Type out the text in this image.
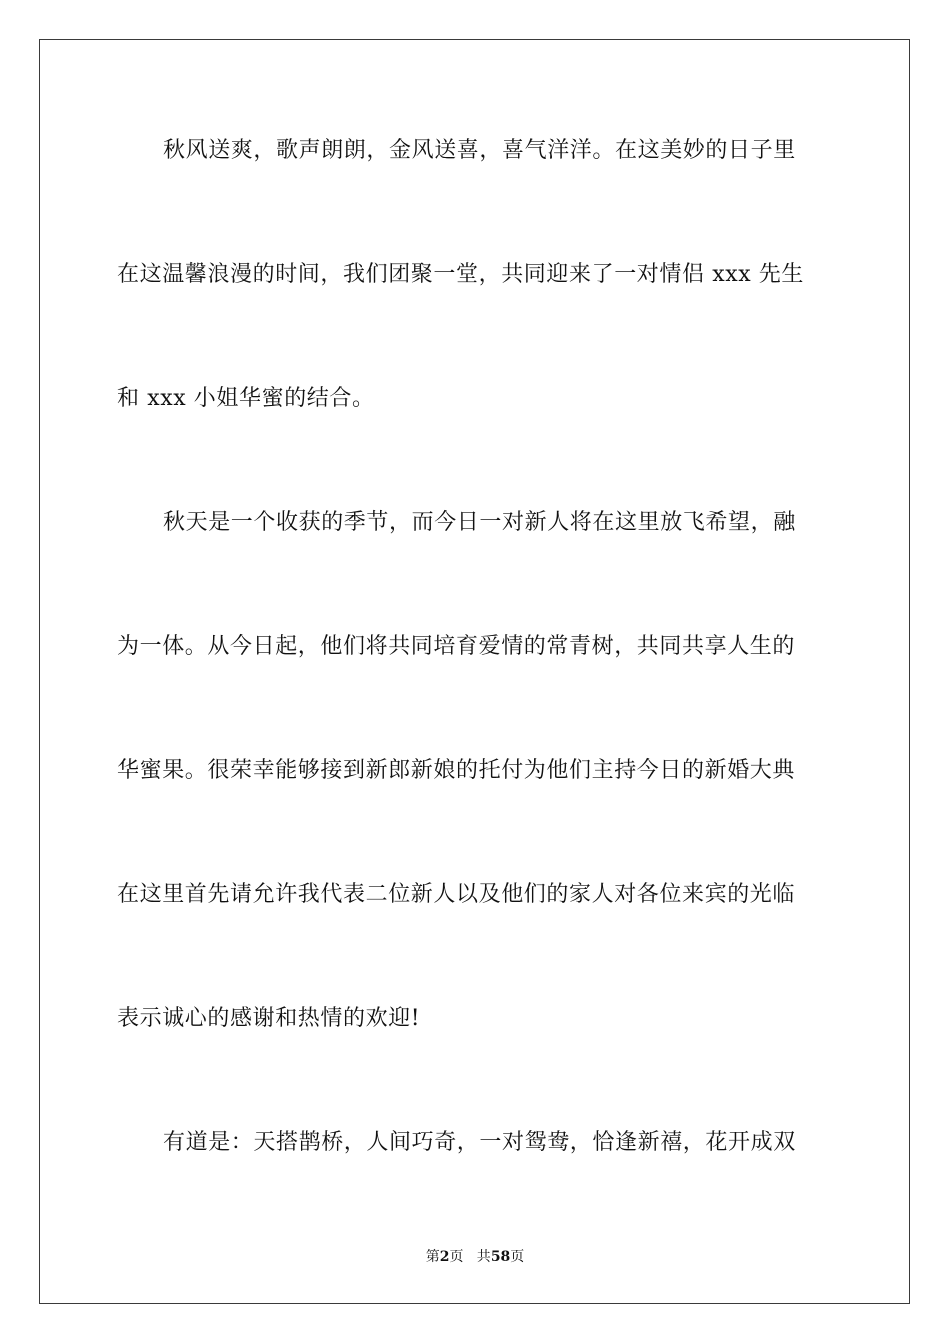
秋风送爽，歌声朗朗，金风送喜，喜气洋洋。在这美妙的日子里
在这温馨浪漫的时间，我们团聚一堂，共同迎来了一对情侣 xxx 先生
和 xxx 小姐华蜜的结合。
秋天是一个收获的季节，而今日一对新人将在这里放飞希望，融
为一体。从今日起，他们将共同培育爱情的常青树，共同共享人生的
华蜜果。很荣幸能够接到新郎新娘的托付为他们主持今日的新婚大典
在这里首先请允许我代表二位新人以及他们的家人对各位来宾的光临
表示诚心的感谢和热情的欢迎!
有道是：天搭鹊桥，人间巧奇，一对鸳鸯，恰逢新禧，花开成双
第2页   共58页
